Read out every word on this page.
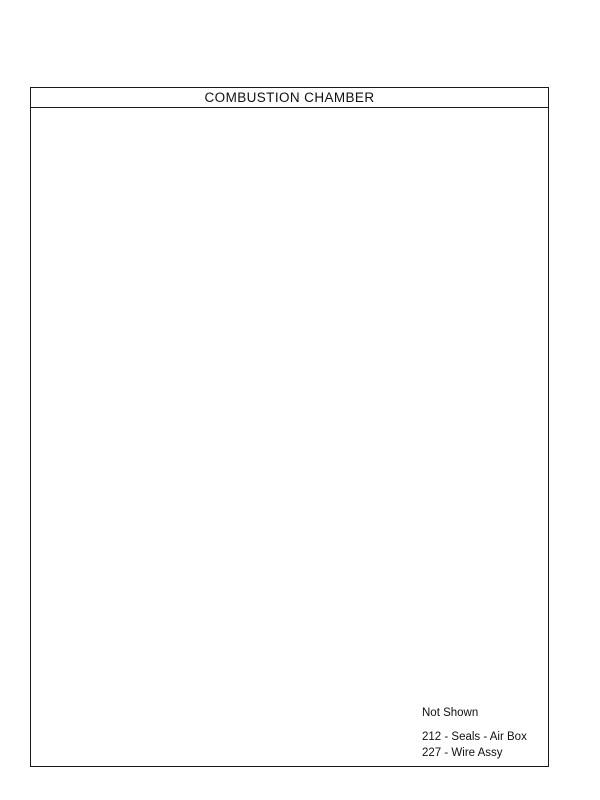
COMBUSTION CHAMBER
Not Shown
212 - Seals - Air Box
227 - Wire Assy
